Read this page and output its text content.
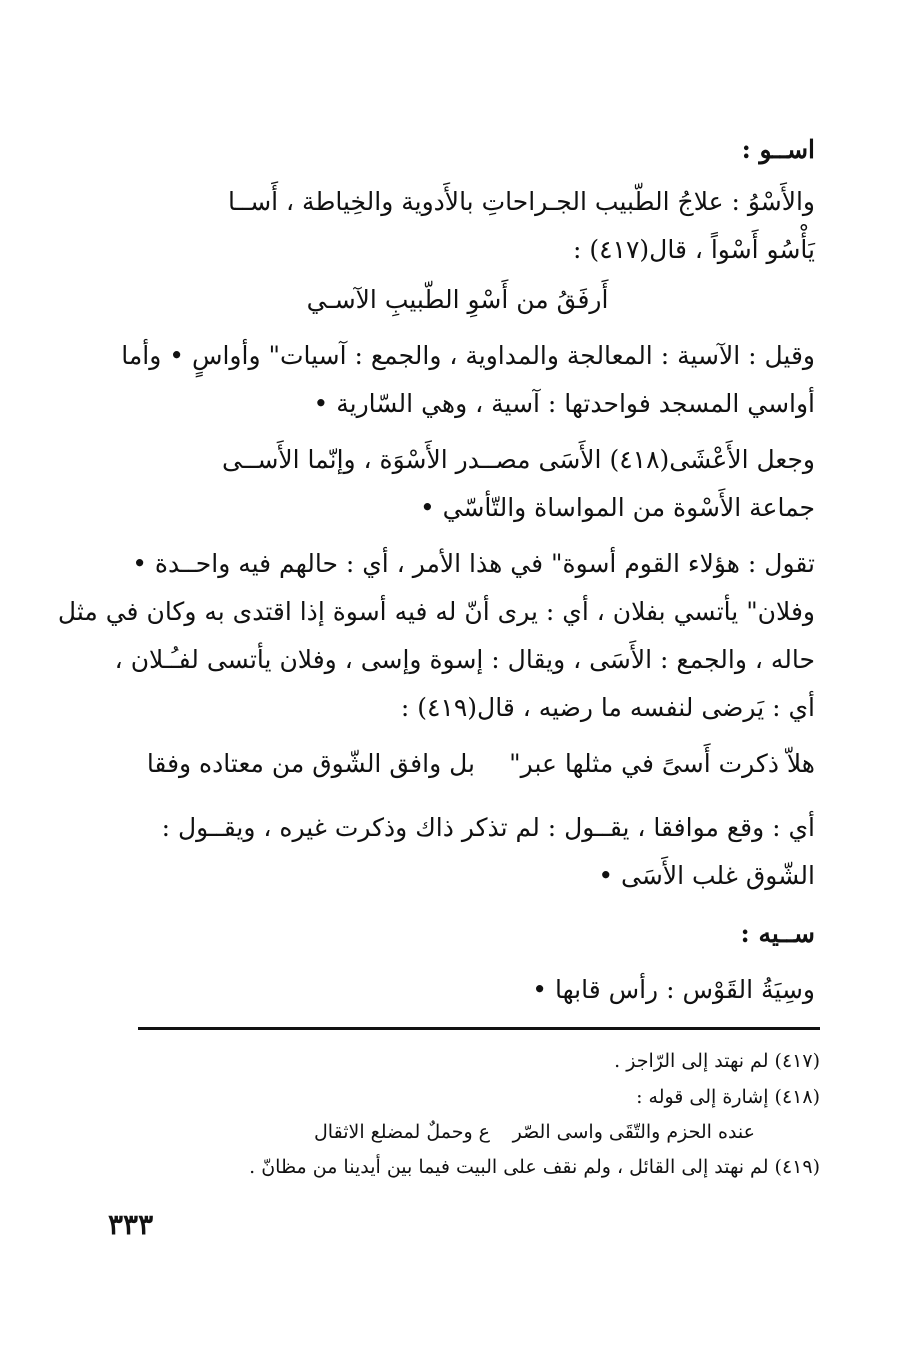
اســو :
والأَسْوُ : علاجُ الطّبيب الجـراحاتِ بالأَدوية والخِياطة ، أَســا
يَأْسُو أَسْواً ، قال(٤١٧) :
أَرفَقُ من أَسْوِ الطّبيبِ الآسـي
وقيل : الآسية : المعالجة والمداوية ، والجمع : آسيات" وأواسٍ • وأما
أواسي المسجد فواحدتها : آسية ، وهي السّارية •
وجعل الأَعْشَى(٤١٨) الأَسَى مصــدر الأَسْوَة ، وإنّما الأَســى
جماعة الأَسْوة من المواساة والتّأسّي •
تقول : هؤلاء القوم أسوة" في هذا الأمر ، أي : حالهم فيه واحــدة •
وفلان" يأتسي بفلان ، أي : يرى أنّ له فيه أسوة إذا اقتدى به وكان في مثل
حاله ، والجمع : الأَسَى ، ويقال : إسوة وإسى ، وفلان يأتسى لفـُـلان ،
أي : يَرضى لنفسه ما رضيه ، قال(٤١٩) :
هلاّ ذكرت أَسىً في مثلها عبر"
بل وافق الشّوق من معتاده وفقا
أي : وقع موافقا ، يقــول : لم تذكر ذاك وذكرت غيره ، ويقــول :
الشّوق غلب الأَسَى •
ســيه :
وسِيَةُ القَوْس : رأس قابها •
(٤١٧) لم نهتد إلى الرّاجز .
(٤١٨) إشارة إلى قوله :
عنده الحزم والتّقَى واسى الصّر
ع وحملٌ لمضلع الاثقال
(٤١٩) لم نهتد إلى القائل ، ولم نقف على البيت فيما بين أيدينا من مظانّ .
٣٣٣
